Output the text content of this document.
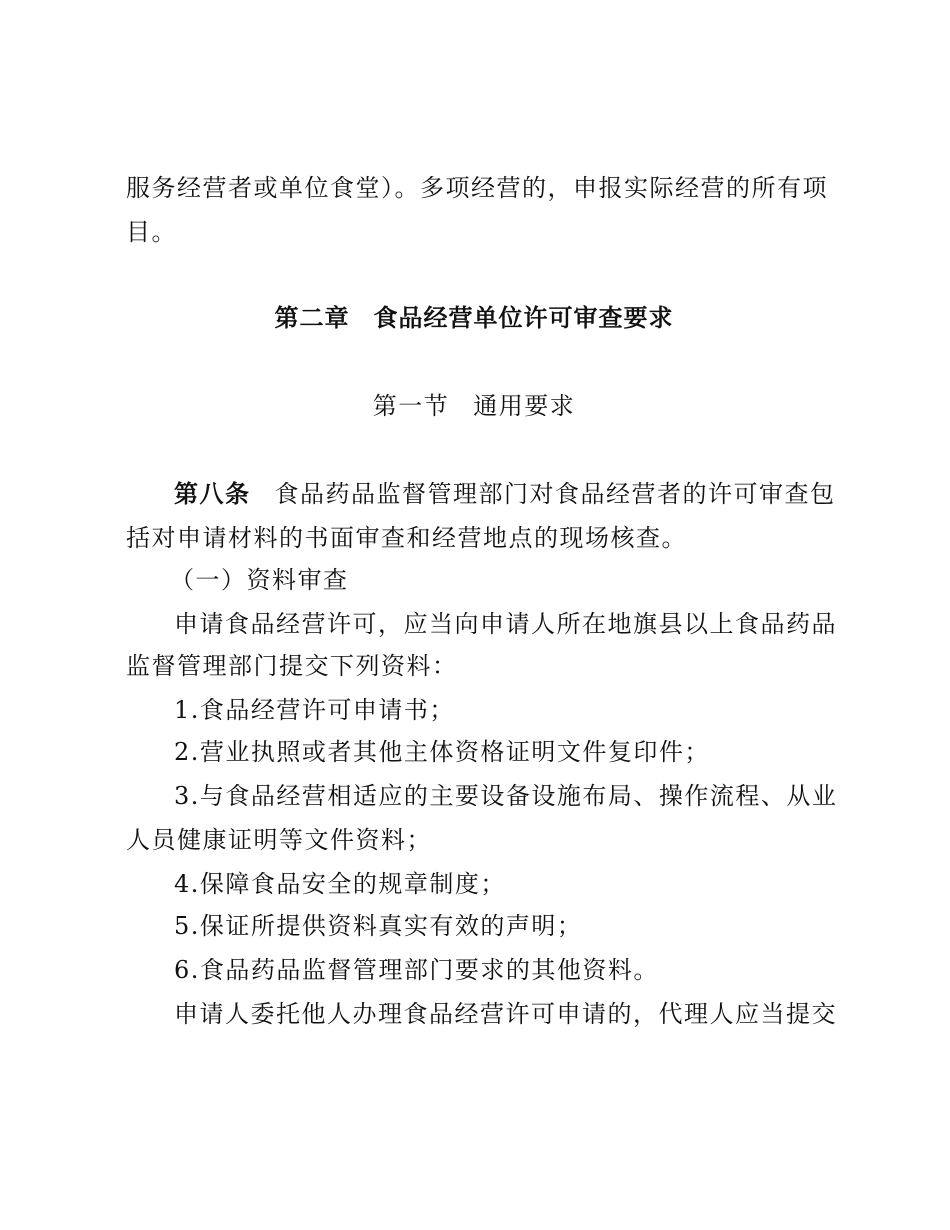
服务经营者或单位食堂）。多项经营的，申报实际经营的所有项

目。

第二章 食品经营单位许可审查要求
第一节 通用要求

第八条 食品药品监督管理部门对食品经营者的许可审查包

括对申请材料的书面审查和经营地点的现场核查。

（一）资料审查

申请食品经营许可，应当向申请人所在地旗县以上食品药品

监督管理部门提交下列资料：

1.食品经营许可申请书；

2.营业执照或者其他主体资格证明文件复印件；

3.与食品经营相适应的主要设备设施布局、操作流程、从业

人员健康证明等文件资料；

4.保障食品安全的规章制度；

5.保证所提供资料真实有效的声明；

6.食品药品监督管理部门要求的其他资料。

申请人委托他人办理食品经营许可申请的，代理人应当提交
